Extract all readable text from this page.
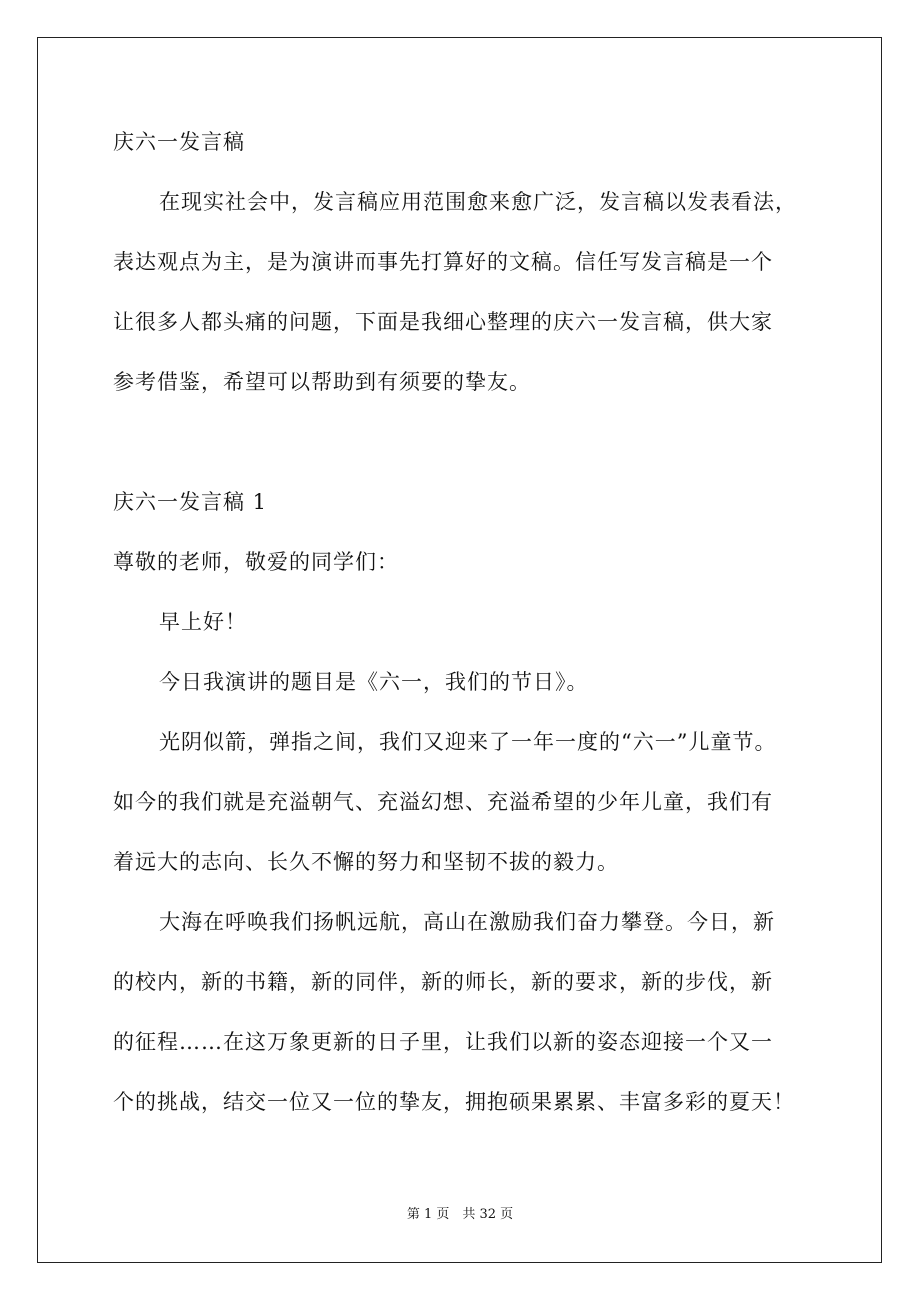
庆六一发言稿
在现实社会中，发言稿应用范围愈来愈广泛，发言稿以发表看法，
表达观点为主，是为演讲而事先打算好的文稿。信任写发言稿是一个
让很多人都头痛的问题，下面是我细心整理的庆六一发言稿，供大家
参考借鉴，希望可以帮助到有须要的挚友。
庆六一发言稿 1
尊敬的老师，敬爱的同学们：
早上好！
今日我演讲的题目是《六一，我们的节日》。
光阴似箭，弹指之间，我们又迎来了一年一度的“六一”儿童节。
如今的我们就是充溢朝气、充溢幻想、充溢希望的少年儿童，我们有
着远大的志向、长久不懈的努力和坚韧不拔的毅力。
大海在呼唤我们扬帆远航，高山在激励我们奋力攀登。今日，新
的校内，新的书籍，新的同伴，新的师长，新的要求，新的步伐，新
的征程……在这万象更新的日子里，让我们以新的姿态迎接一个又一
个的挑战，结交一位又一位的挚友，拥抱硕果累累、丰富多彩的夏天！
第 1 页　共 32 页
